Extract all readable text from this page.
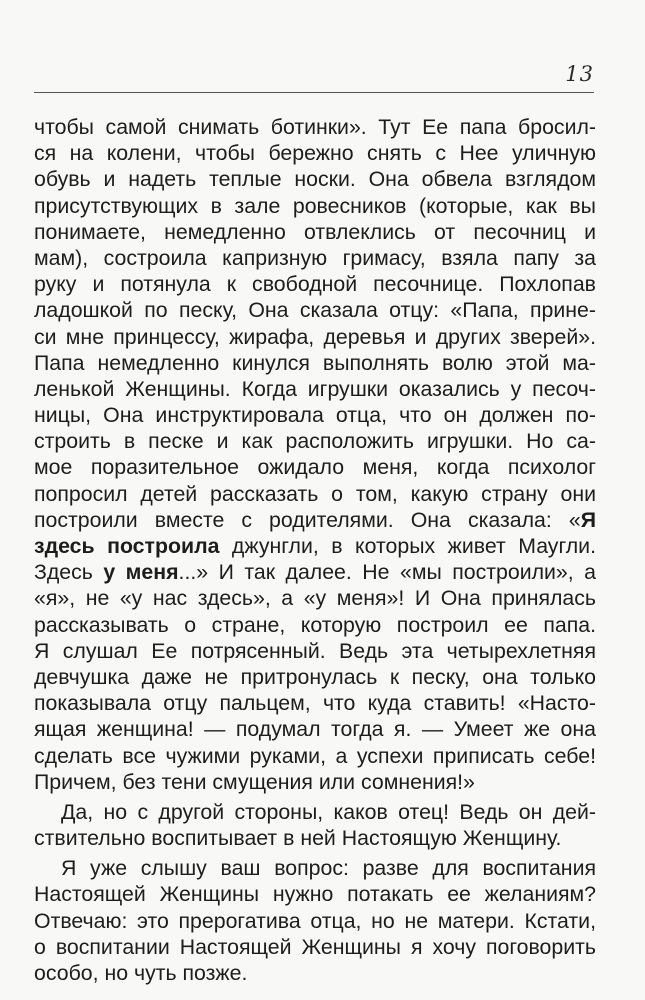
13
чтобы самой снимать ботинки». Тут Ее папа бросил-
ся на колени, чтобы бережно снять с Нее уличную
обувь и надеть теплые носки. Она обвела взглядом
присутствующих в зале ровесников (которые, как вы
понимаете, немедленно отвлеклись от песочниц и
мам), состроила капризную гримасу, взяла папу за
руку и потянула к свободной песочнице. Похлопав
ладошкой по песку, Она сказала отцу: «Папа, прине-
си мне принцессу, жирафа, деревья и других зверей».
Папа немедленно кинулся выполнять волю этой ма-
ленькой Женщины. Когда игрушки оказались у песоч-
ницы, Она инструктировала отца, что он должен по-
строить в песке и как расположить игрушки. Но са-
мое поразительное ожидало меня, когда психолог
попросил детей рассказать о том, какую страну они
построили вместе с родителями. Она сказала: «Я
здесь построила джунгли, в которых живет Маугли.
Здесь у меня...» И так далее. Не «мы построили», а
«я», не «у нас здесь», а «у меня»! И Она принялась
рассказывать о стране, которую построил ее папа.
Я слушал Ее потрясенный. Ведь эта четырехлетняя
девчушка даже не притронулась к песку, она только
показывала отцу пальцем, что куда ставить! «Насто-
ящая женщина! — подумал тогда я. — Умеет же она
сделать все чужими руками, а успехи приписать себе!
Причем, без тени смущения или сомнения!»
Да, но с другой стороны, каков отец! Ведь он дей-
ствительно воспитывает в ней Настоящую Женщину.
Я уже слышу ваш вопрос: разве для воспитания
Настоящей Женщины нужно потакать ее желаниям?
Отвечаю: это прерогатива отца, но не матери. Кстати,
о воспитании Настоящей Женщины я хочу поговорить
особо, но чуть позже.
